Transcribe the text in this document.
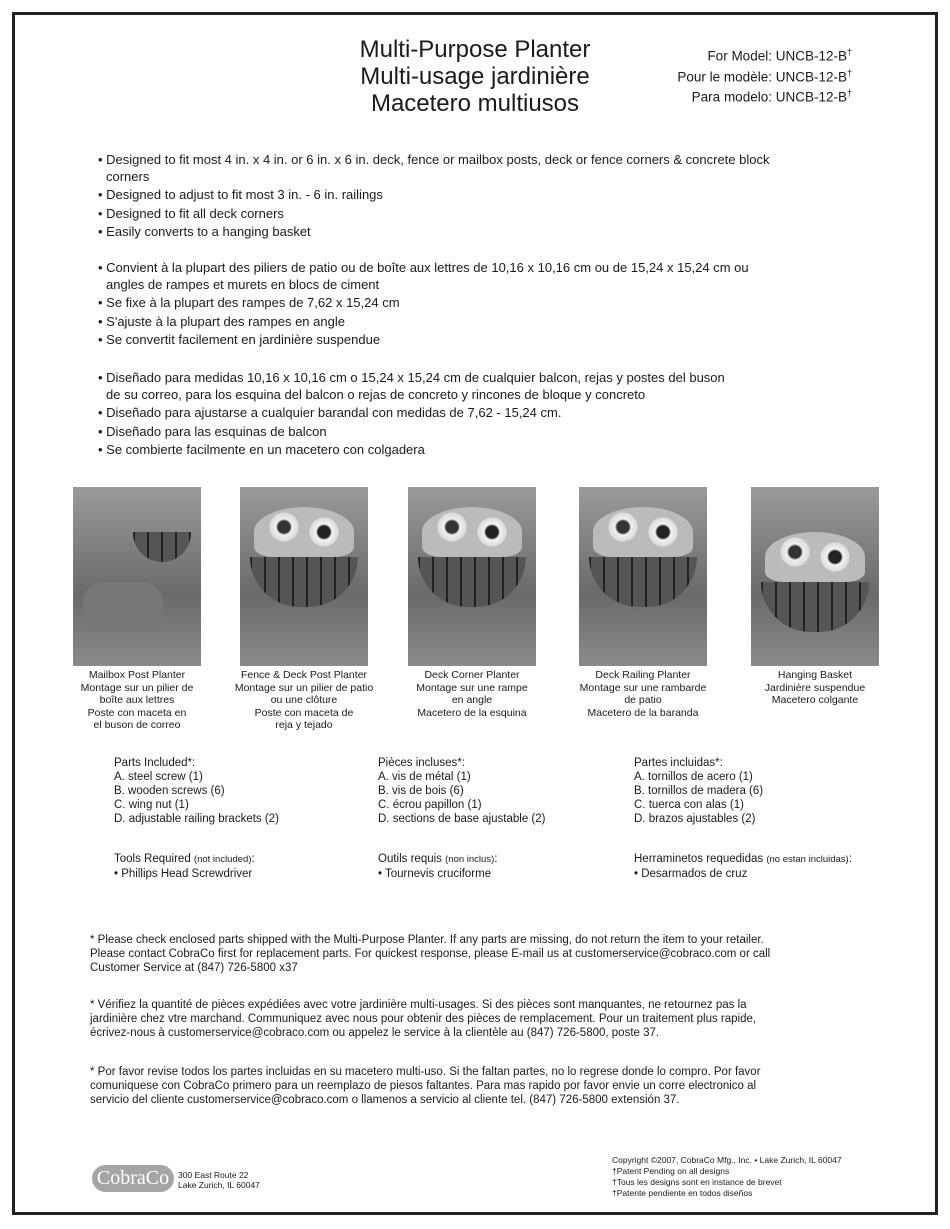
Multi-Purpose Planter
Multi-usage jardinière
Macetero multiusos
For Model: UNCB-12-B†
Pour le modèle: UNCB-12-B†
Para modelo: UNCB-12-B†
• Designed to fit most 4 in. x 4 in. or 6 in. x 6 in. deck, fence or mailbox posts, deck or fence corners & concrete block corners
• Designed to adjust to fit most 3 in. - 6 in. railings
• Designed to fit all deck corners
• Easily converts to a hanging basket
• Convient à la plupart des piliers de patio ou de boîte aux lettres de 10,16 x 10,16 cm ou de 15,24 x 15,24 cm ou angles de rampes et murets en blocs de ciment
• Se fixe à la plupart des rampes de 7,62 x 15,24 cm
• S'ajuste à la plupart des rampes en angle
• Se convertit facilement en jardinière suspendue
• Diseñado para medidas 10,16 x 10,16 cm o 15,24 x 15,24 cm de cualquier balcon, rejas y postes del buson de su correo, para los esquina del balcon o rejas de concreto y rincones de bloque y concreto
• Diseñado para ajustarse a cualquier barandal con medidas de 7,62 - 15,24 cm.
• Diseñado para las esquinas de balcon
• Se combierte facilmente en un macetero con colgadera
Mailbox Post Planter
Montage sur un pilier de
boîte aux lettres
Poste con maceta en
el buson de correo
Fence & Deck Post Planter
Montage sur un pilier de patio
ou une clôture
Poste con maceta de
reja y tejado
Deck Corner Planter
Montage sur une rampe
en angle
Macetero de la esquina
Deck Railing Planter
Montage sur une rambarde
de patio
Macetero de la baranda
Hanging Basket
Jardinière suspendue
Macetero colgante
Parts Included*:
A. steel screw (1)
B. wooden screws (6)
C. wing nut (1)
D. adjustable railing brackets (2)
Tools Required (not included):
• Phillips Head Screwdriver
Pièces incluses*:
A. vis de métal (1)
B. vis de bois (6)
C. écrou papillon (1)
D. sections de base ajustable (2)
Outils requis (non inclus):
• Tournevis cruciforme
Partes incluidas*:
A. tornillos de acero (1)
B. tornillos de madera (6)
C. tuerca con alas (1)
D. brazos ajustables (2)
Herraminetos requedidas (no estan incluidas):
• Desarmados de cruz
* Please check enclosed parts shipped with the Multi-Purpose Planter. If any parts are missing, do not return the item to your retailer. Please contact CobraCo first for replacement parts. For quickest response, please E-mail us at customerservice@cobraco.com or call Customer Service at (847) 726-5800 x37
* Vérifiez la quantité de pièces expédiées avec votre jardinière multi-usages. Si des pièces sont manquantes, ne retournez pas la jardinière chez vtre marchand. Communiquez avec nous pour obtenir des pièces de remplacement. Pour un traitement plus rapide, écrivez-nous à customerservice@cobraco.com ou appelez le service à la clientèle au (847) 726-5800, poste 37.
* Por favor revise todos los partes incluidas en su macetero multi-uso. Si the faltan partes, no lo regrese donde lo compro. Por favor comuniquese con CobraCo primero para un reemplazo de piesos faltantes. Para mas rapido por favor envie un corre electronico al servicio del cliente customerservice@cobraco.com o llamenos a servicio al cliente tel. (847) 726-5800 extensión 37.
CobraCo	300 East Route 22
Lake Zurich, IL 60047
Copyright ©2007, CobraCo Mfg., Inc. • Lake Zurich, IL 60047
†Patent Pending on all designs
†Tous les designs sont en instance de brevet
†Patente pendiente en todos diseños
